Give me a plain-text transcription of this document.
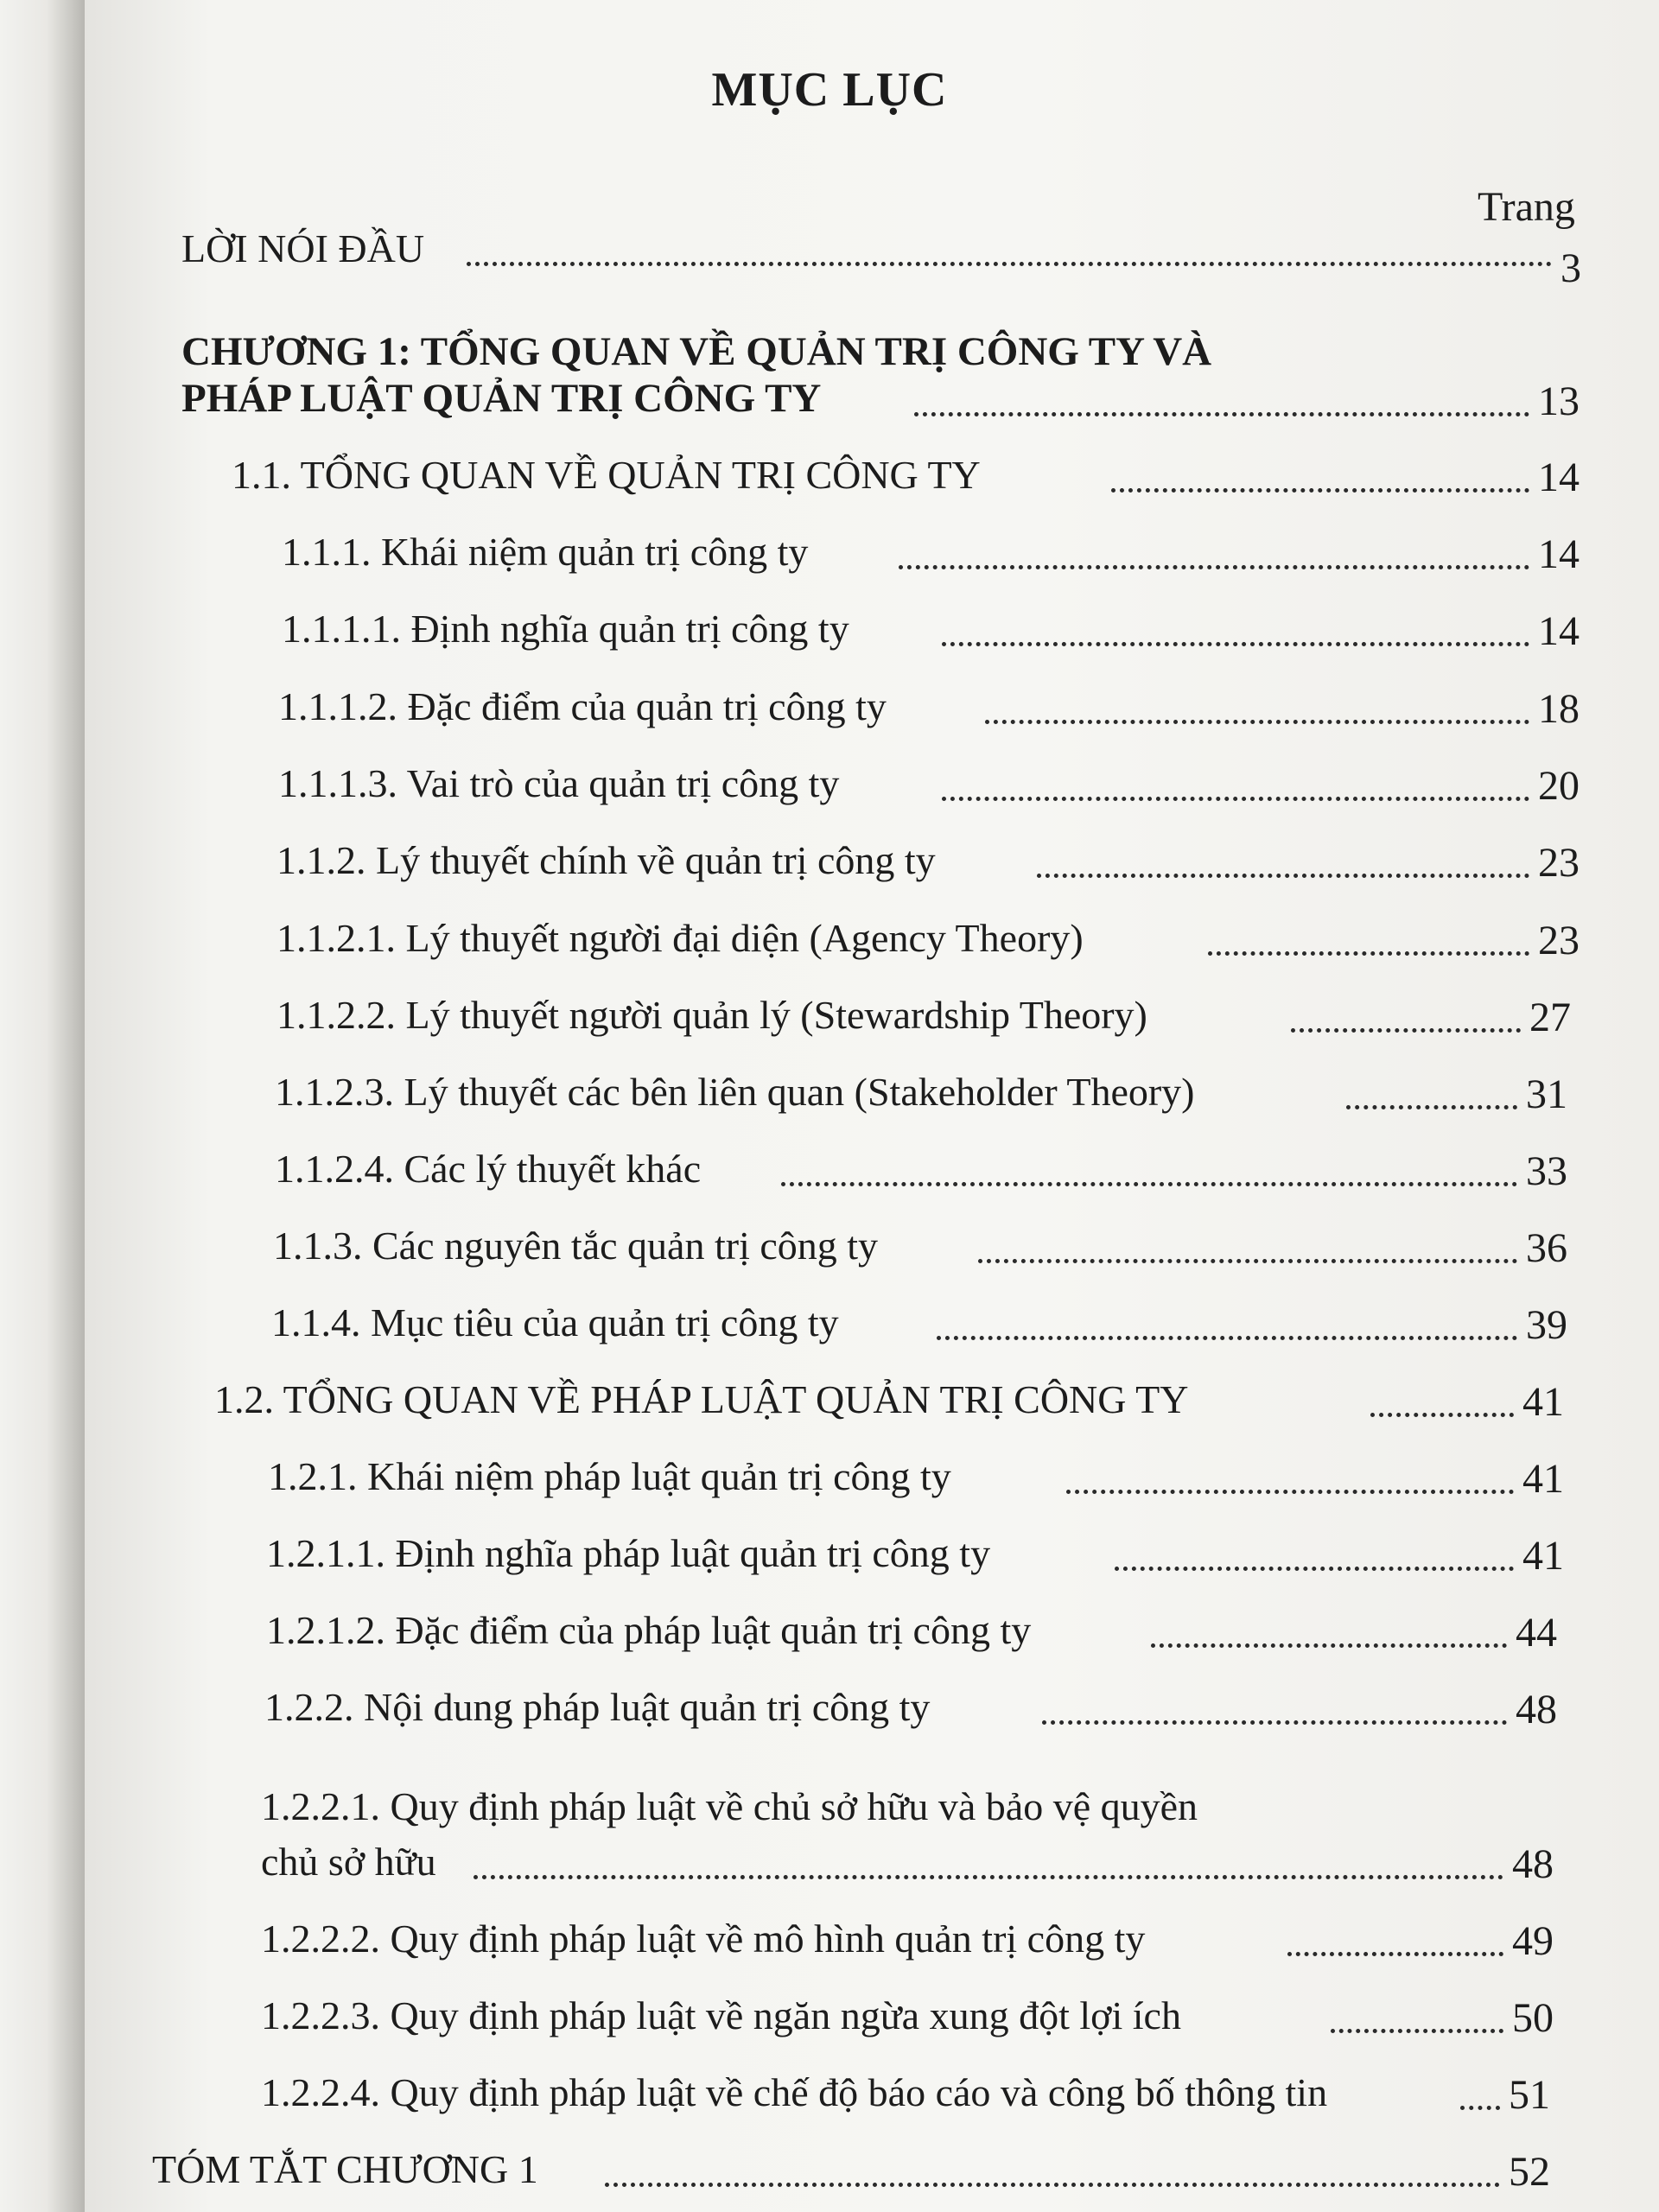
MỤC LỤC
Trang
LỜI NÓI ĐẦU	3
CHƯƠNG 1: TỔNG QUAN VỀ QUẢN TRỊ CÔNG TY VÀ
PHÁP LUẬT QUẢN TRỊ CÔNG TY	13
1.1. TỔNG QUAN VỀ QUẢN TRỊ CÔNG TY	14
1.1.1. Khái niệm quản trị công ty	14
1.1.1.1. Định nghĩa quản trị công ty	14
1.1.1.2. Đặc điểm của quản trị công ty	18
1.1.1.3. Vai trò của quản trị công ty	20
1.1.2. Lý thuyết chính về quản trị công ty	23
1.1.2.1. Lý thuyết người đại diện (Agency Theory)	23
1.1.2.2. Lý thuyết người quản lý (Stewardship Theory)	27
1.1.2.3. Lý thuyết các bên liên quan (Stakeholder Theory)	31
1.1.2.4. Các lý thuyết khác	33
1.1.3. Các nguyên tắc quản trị công ty	36
1.1.4. Mục tiêu của quản trị công ty	39
1.2. TỔNG QUAN VỀ PHÁP LUẬT QUẢN TRỊ CÔNG TY	41
1.2.1. Khái niệm pháp luật quản trị công ty	41
1.2.1.1. Định nghĩa pháp luật quản trị công ty	41
1.2.1.2. Đặc điểm của pháp luật quản trị công ty	44
1.2.2. Nội dung pháp luật quản trị công ty	48
1.2.2.1. Quy định pháp luật về chủ sở hữu và bảo vệ quyền
chủ sở hữu	48
1.2.2.2. Quy định pháp luật về mô hình quản trị công ty	49
1.2.2.3. Quy định pháp luật về ngăn ngừa xung đột lợi ích	50
1.2.2.4. Quy định pháp luật về chế độ báo cáo và công bố thông tin	51
TÓM TẮT CHƯƠNG 1	52
